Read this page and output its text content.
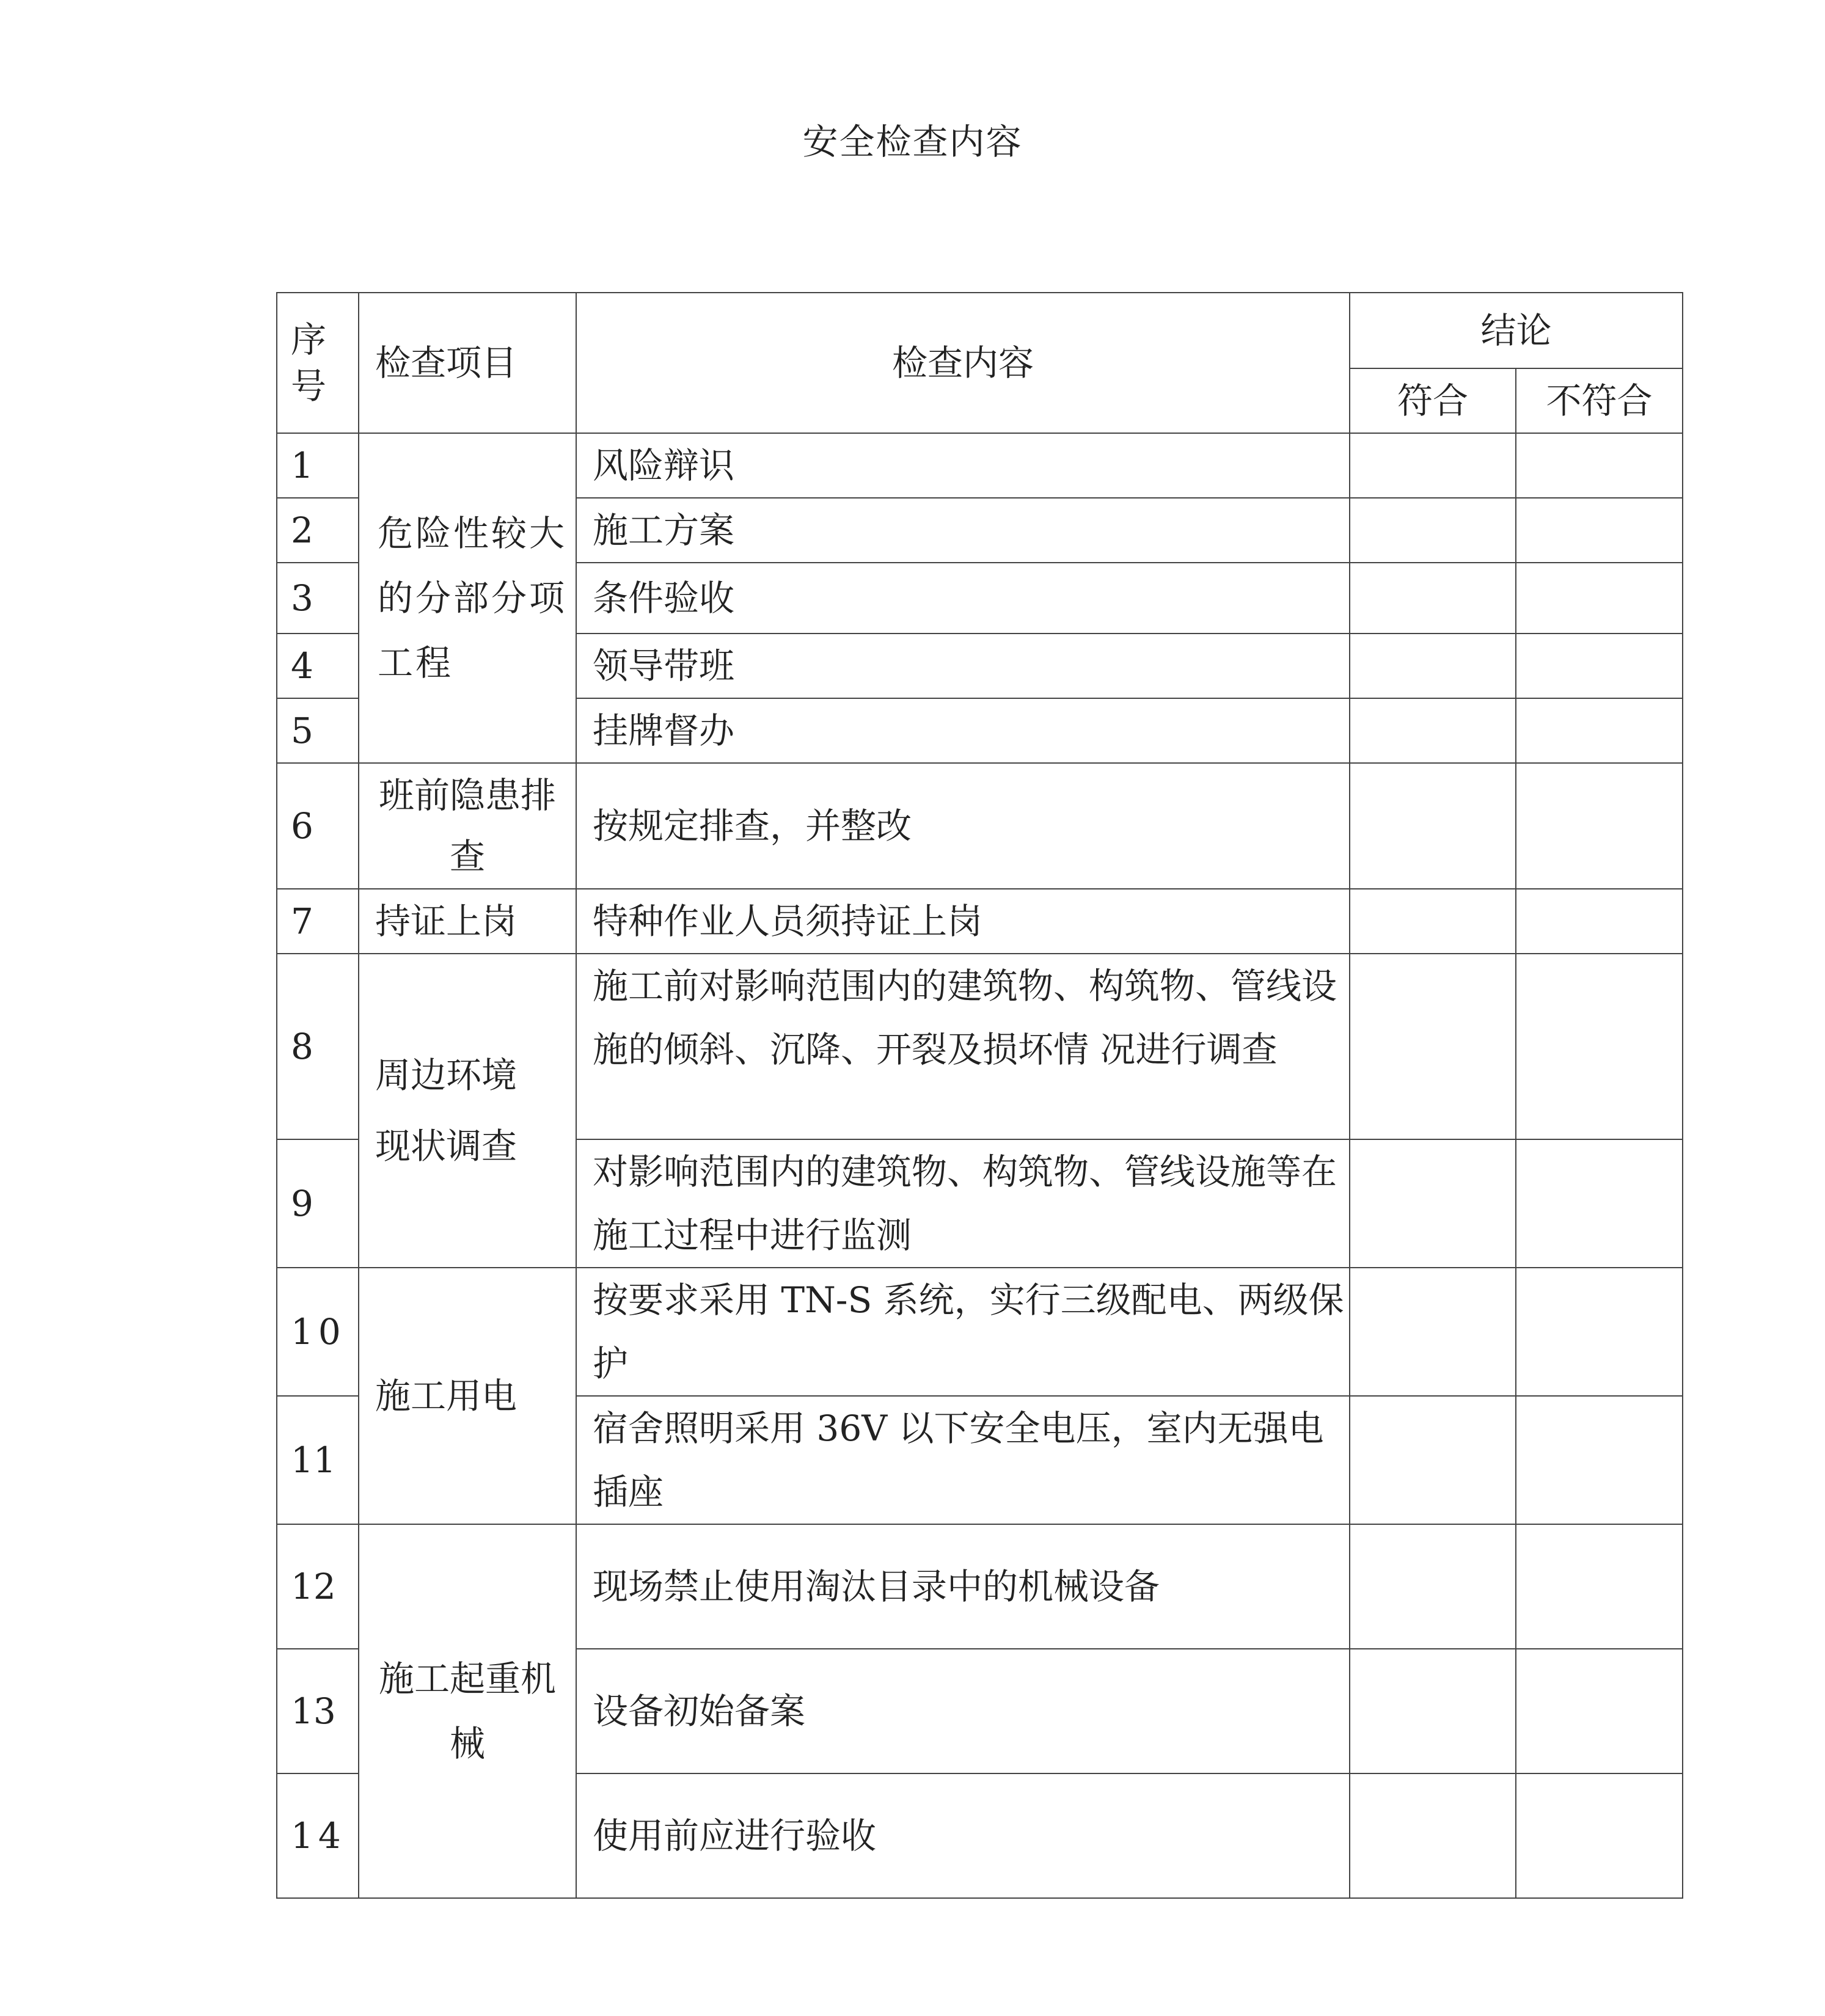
安全检查内容
序号	检查项目	检查内容	结论	
			符合	不符合
1	危险性较大的分部分项工程	风险辩识		
2		施工方案		
3		条件验收		
4		领导带班		
5		挂牌督办		
6	班前隐患排查	按规定排查，并整改		
7	持证上岗	特种作业人员须持证上岗		
8	周边环境现状调查	施工前对影响范围内的建筑物、构筑物、管线设施的倾斜、沉降、开裂及损坏情 况进行调查		
9		对影响范围内的建筑物、构筑物、管线设施等在施工过程中进行监测		
10	施工用电	按要求采用 TN-S 系统，实行三级配电、两级保护		
11		宿舍照明采用 36V 以下安全电压，室内无强电插座		
12	施工起重机械	现场禁止使用淘汰目录中的机械设备		
13		设备初始备案		
14		使用前应进行验收		
